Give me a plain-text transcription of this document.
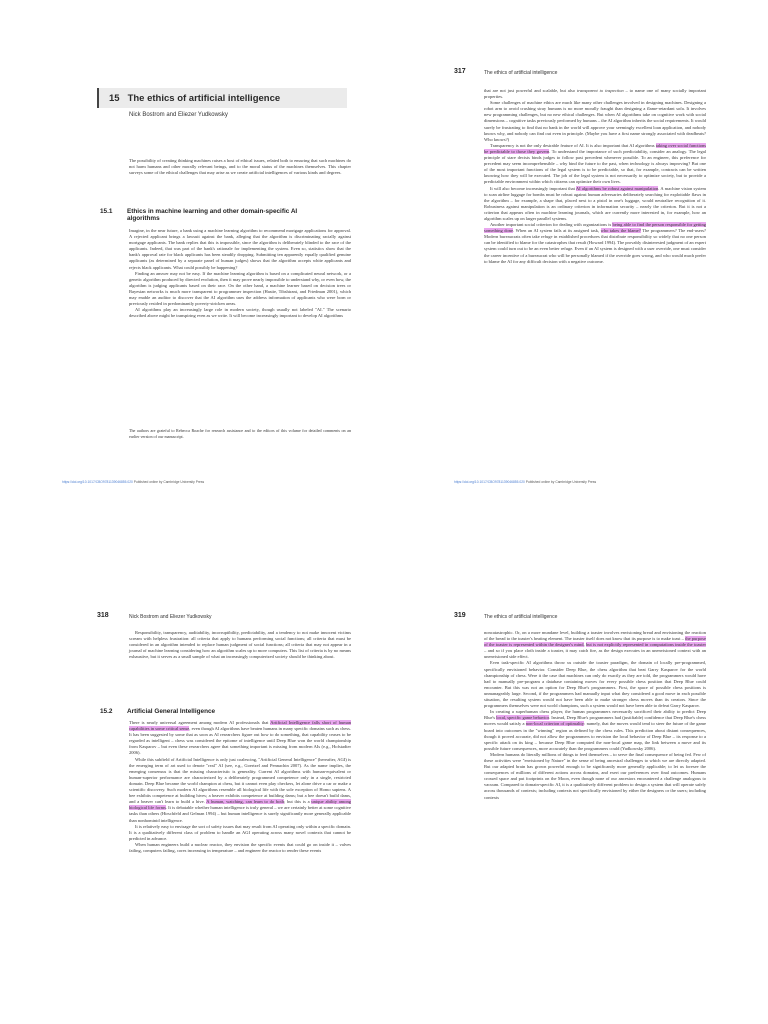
15 The ethics of artificial intelligence
Nick Bostrom and Eliezer Yudkowsky

The possibility of creating thinking machines raises a host of ethical issues, related both to ensuring that such machines do not harm humans and other morally relevant beings, and to the moral status of the machines themselves. This chapter surveys some of the ethical challenges that may arise as we create artificial intelligences of various kinds and degrees.

15.1 Ethics in machine learning and other domain-specific AI algorithms

Imagine, in the near future, a bank using a machine learning algorithm to recommend mortgage applications for approval. A rejected applicant brings a lawsuit against the bank, alleging that the algorithm is discriminating racially against mortgage applicants. The bank replies that this is impossible, since the algorithm is deliberately blinded to the race of the applicants. Indeed, that was part of the bank's rationale for implementing the system. Even so, statistics show that the bank's approval rate for black applicants has been steadily dropping. Submitting ten apparently equally qualified genuine applicants (as determined by a separate panel of human judges) shows that the algorithm accepts white applicants and rejects black applicants. What could possibly be happening?

Finding an answer may not be easy. If the machine learning algorithm is based on a complicated neural network, or a genetic algorithm produced by directed evolution, then it may prove nearly impossible to understand why, or even how, the algorithm is judging applicants based on their race. On the other hand, a machine learner based on decision trees or Bayesian networks is much more transparent to programmer inspection (Hastie, Tibshirani, and Friedman 2001), which may enable an auditor to discover that the AI algorithm uses the address information of applicants who were born or previously resided in predominantly poverty-stricken areas.

AI algorithms play an increasingly large role in modern society, though usually not labeled "AI." The scenario described above might be transpiring even as we write. It will become increasingly important to develop AI algorithms

The authors are grateful to Rebecca Roache for research assistance and to the editors of this volume for detailed comments on an earlier version of our manuscript.

https://doi.org/10.1017/CBO9781139046855.020 Published online by Cambridge University Press
317	The ethics of artificial intelligence

that are not just powerful and scalable, but also transparent to inspection – to name one of many socially important properties.

Some challenges of machine ethics are much like many other challenges involved in designing machines. Designing a robot arm to avoid crushing stray humans is no more morally fraught than designing a flame-retardant sofa. It involves new programming challenges, but no new ethical challenges. But when AI algorithms take on cognitive work with social dimensions – cognitive tasks previously performed by humans – the AI algorithm inherits the social requirements. It would surely be frustrating to find that no bank in the world will approve your seemingly excellent loan application, and nobody knows why, and nobody can find out even in principle. (Maybe you have a first name strongly associated with deadbeats? Who knows?)

Transparency is not the only desirable feature of AI. It is also important that AI algorithms taking over social functions be predictable to those they govern. To understand the importance of such predictability, consider an analogy. The legal principle of stare decisis binds judges to follow past precedent whenever possible. To an engineer, this preference for precedent may seem incomprehensible – why bind the future to the past, when technology is always improving? But one of the most important functions of the legal system is to be predictable, so that, for example, contracts can be written knowing how they will be executed. The job of the legal system is not necessarily to optimize society, but to provide a predictable environment within which citizens can optimize their own lives.

It will also become increasingly important that AI algorithms be robust against manipulation. A machine vision system to scan airline luggage for bombs must be robust against human adversaries deliberately searching for exploitable flaws in the algorithm – for example, a shape that, placed next to a pistol in one's luggage, would neutralize recognition of it. Robustness against manipulation is an ordinary criterion in information security – nearly the criterion. But it is not a criterion that appears often in machine learning journals, which are currently more interested in, for example, how an algorithm scales up on larger parallel systems.

Another important social criterion for dealing with organizations is being able to find the person responsible for getting something done. When an AI system fails at its assigned task, who takes the blame? The programmers? The end-users? Modern bureaucrats often take refuge in established procedures that distribute responsibility so widely that no one person can be identified to blame for the catastrophes that result (Howard 1994). The provably disinterested judgment of an expert system could turn out to be an even better refuge. Even if an AI system is designed with a user override, one must consider the career incentive of a bureaucrat who will be personally blamed if the override goes wrong, and who would much prefer to blame the AI for any difficult decision with a negative outcome.

https://doi.org/10.1017/CBO9781139046855.020 Published online by Cambridge University Press
318	Nick Bostrom and Eliezer Yudkowsky

Responsibility, transparency, auditability, incorruptibility, predictability, and a tendency to not make innocent victims scream with helpless frustration: all criteria that apply to humans performing social functions; all criteria that must be considered in an algorithm intended to replace human judgment of social functions; all criteria that may not appear in a journal of machine learning considering how an algorithm scales up to more computers. This list of criteria is by no means exhaustive, but it serves as a small sample of what an increasingly computerized society should be thinking about.

15.2 Artificial General Intelligence

There is nearly universal agreement among modern AI professionals that Artificial Intelligence falls short of human capabilities in some critical sense, even though AI algorithms have beaten humans in many specific domains such as chess. It has been suggested by some that as soon as AI researchers figure out how to do something, that capability ceases to be regarded as intelligent – chess was considered the epitome of intelligence until Deep Blue won the world championship from Kasparov – but even these researchers agree that something important is missing from modern AIs (e.g., Hofstadter 2006).

While this subfield of Artificial Intelligence is only just coalescing, "Artificial General Intelligence" (hereafter, AGI) is the emerging term of art used to denote "real" AI (see, e.g., Goertzel and Pennachin 2007). As the name implies, the emerging consensus is that the missing characteristic is generality. Current AI algorithms with human-equivalent or human-superior performance are characterized by a deliberately programmed competence only in a single, restricted domain. Deep Blue became the world champion at chess, but it cannot even play checkers, let alone drive a car or make a scientific discovery. Such modern AI algorithms resemble all biological life with the sole exception of Homo sapiens. A bee exhibits competence at building hives; a beaver exhibits competence at building dams; but a bee doesn't build dams, and a beaver can't learn to build a hive. A human, watching, can learn to do both; but this is a unique ability among biological life forms. It is debatable whether human intelligence is truly general – we are certainly better at some cognitive tasks than others (Hirschfeld and Gelman 1994) – but human intelligence is surely significantly more generally applicable than nonhominid intelligence.

It is relatively easy to envisage the sort of safety issues that may result from AI operating only within a specific domain. It is a qualitatively different class of problem to handle an AGI operating across many novel contexts that cannot be predicted in advance.

When human engineers build a nuclear reactor, they envision the specific events that could go on inside it – valves failing, computers failing, cores increasing in temperature – and engineer the reactor to render these events

319	The ethics of artificial intelligence

noncatastrophic. Or, on a more mundane level, building a toaster involves envisioning bread and envisioning the reaction of the bread to the toaster's heating element. The toaster itself does not know that its purpose is to make toast – the purpose of the toaster is represented within the designer's mind, but is not explicitly represented in computations inside the toaster – and so if you place cloth inside a toaster, it may catch fire, as the design executes in an unenvisioned context with an unenvisioned side effect.

Even task-specific AI algorithms throw us outside the toaster paradigm, the domain of locally pre-programmed, specifically envisioned behavior. Consider Deep Blue, the chess algorithm that beat Garry Kasparov for the world championship of chess. Were it the case that machines can only do exactly as they are told, the programmers would have had to manually pre-program a database containing moves for every possible chess position that Deep Blue could encounter. But this was not an option for Deep Blue's programmers. First, the space of possible chess positions is unmanageably large. Second, if the programmers had manually input what they considered a good move in each possible situation, the resulting system would not have been able to make stronger chess moves than its creators. Since the programmers themselves were not world champions, such a system would not have been able to defeat Garry Kasparov.

In creating a superhuman chess player, the human programmers necessarily sacrificed their ability to predict Deep Blue's local, specific game behavior. Instead, Deep Blue's programmers had (justifiable) confidence that Deep Blue's chess moves would satisfy a non-local criterion of optimality: namely, that the moves would tend to steer the future of the game board into outcomes in the "winning" region as defined by the chess rules. This prediction about distant consequences, though it proved accurate, did not allow the programmers to envision the local behavior of Deep Blue – its response to a specific attack on its king – because Deep Blue computed the non-local game map, the link between a move and its possible future consequences, more accurately than the programmers could (Yudkowsky 2006).

Modern humans do literally millions of things to feed themselves – to serve the final consequence of being fed. Few of these activities were "envisioned by Nature" in the sense of being ancestral challenges to which we are directly adapted. But our adapted brain has grown powerful enough to be significantly more generally applicable; to let us foresee the consequences of millions of different actions across domains, and exert our preferences over final outcomes. Humans crossed space and put footprints on the Moon, even though none of our ancestors encountered a challenge analogous to vacuum. Compared to domain-specific AI, it is a qualitatively different problem to design a system that will operate safely across thousands of contexts; including contexts not specifically envisioned by either the designers or the users; including contexts
